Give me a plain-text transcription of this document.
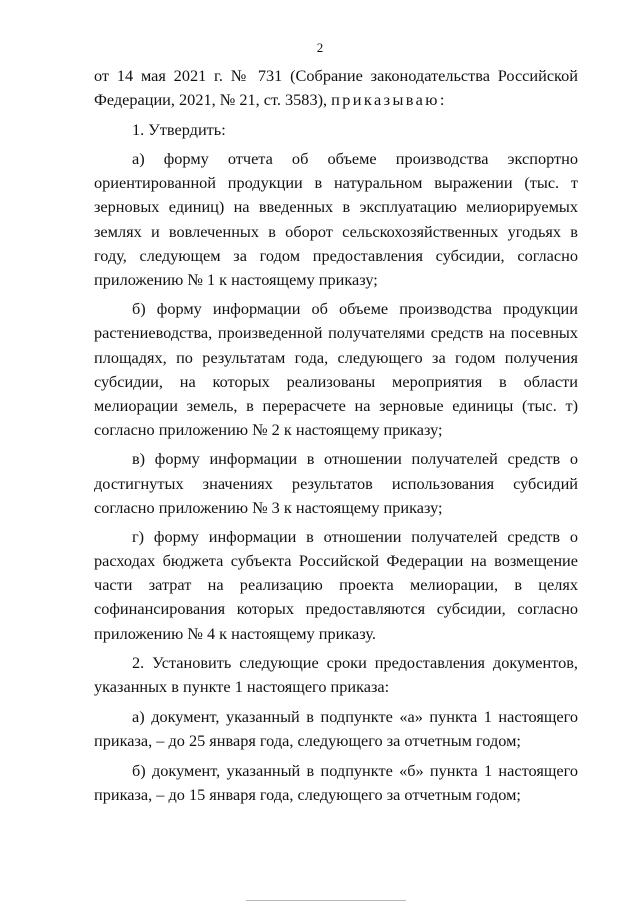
2

от 14 мая 2021 г. № 731 (Собрание законодательства Российской Федерации, 2021, № 21, ст. 3583), приказываю:

1. Утвердить:

а) форму отчета об объеме производства экспортно ориентированной продукции в натуральном выражении (тыс. т зерновых единиц) на введенных в эксплуатацию мелиорируемых землях и вовлеченных в оборот сельскохозяйственных угодьях в году, следующем за годом предоставления субсидии, согласно приложению № 1 к настоящему приказу;

б) форму информации об объеме производства продукции растениеводства, произведенной получателями средств на посевных площадях, по результатам года, следующего за годом получения субсидии, на которых реализованы мероприятия в области мелиорации земель, в перерасчете на зерновые единицы (тыс. т) согласно приложению № 2 к настоящему приказу;

в) форму информации в отношении получателей средств о достигнутых значениях результатов использования субсидий согласно приложению № 3 к настоящему приказу;

г) форму информации в отношении получателей средств о расходах бюджета субъекта Российской Федерации на возмещение части затрат на реализацию проекта мелиорации, в целях софинансирования которых предоставляются субсидии, согласно приложению № 4 к настоящему приказу.

2. Установить следующие сроки предоставления документов, указанных в пункте 1 настоящего приказа:

а) документ, указанный в подпункте «а» пункта 1 настоящего приказа, – до 25 января года, следующего за отчетным годом;

б) документ, указанный в подпункте «б» пункта 1 настоящего приказа, – до 15 января года, следующего за отчетным годом;
